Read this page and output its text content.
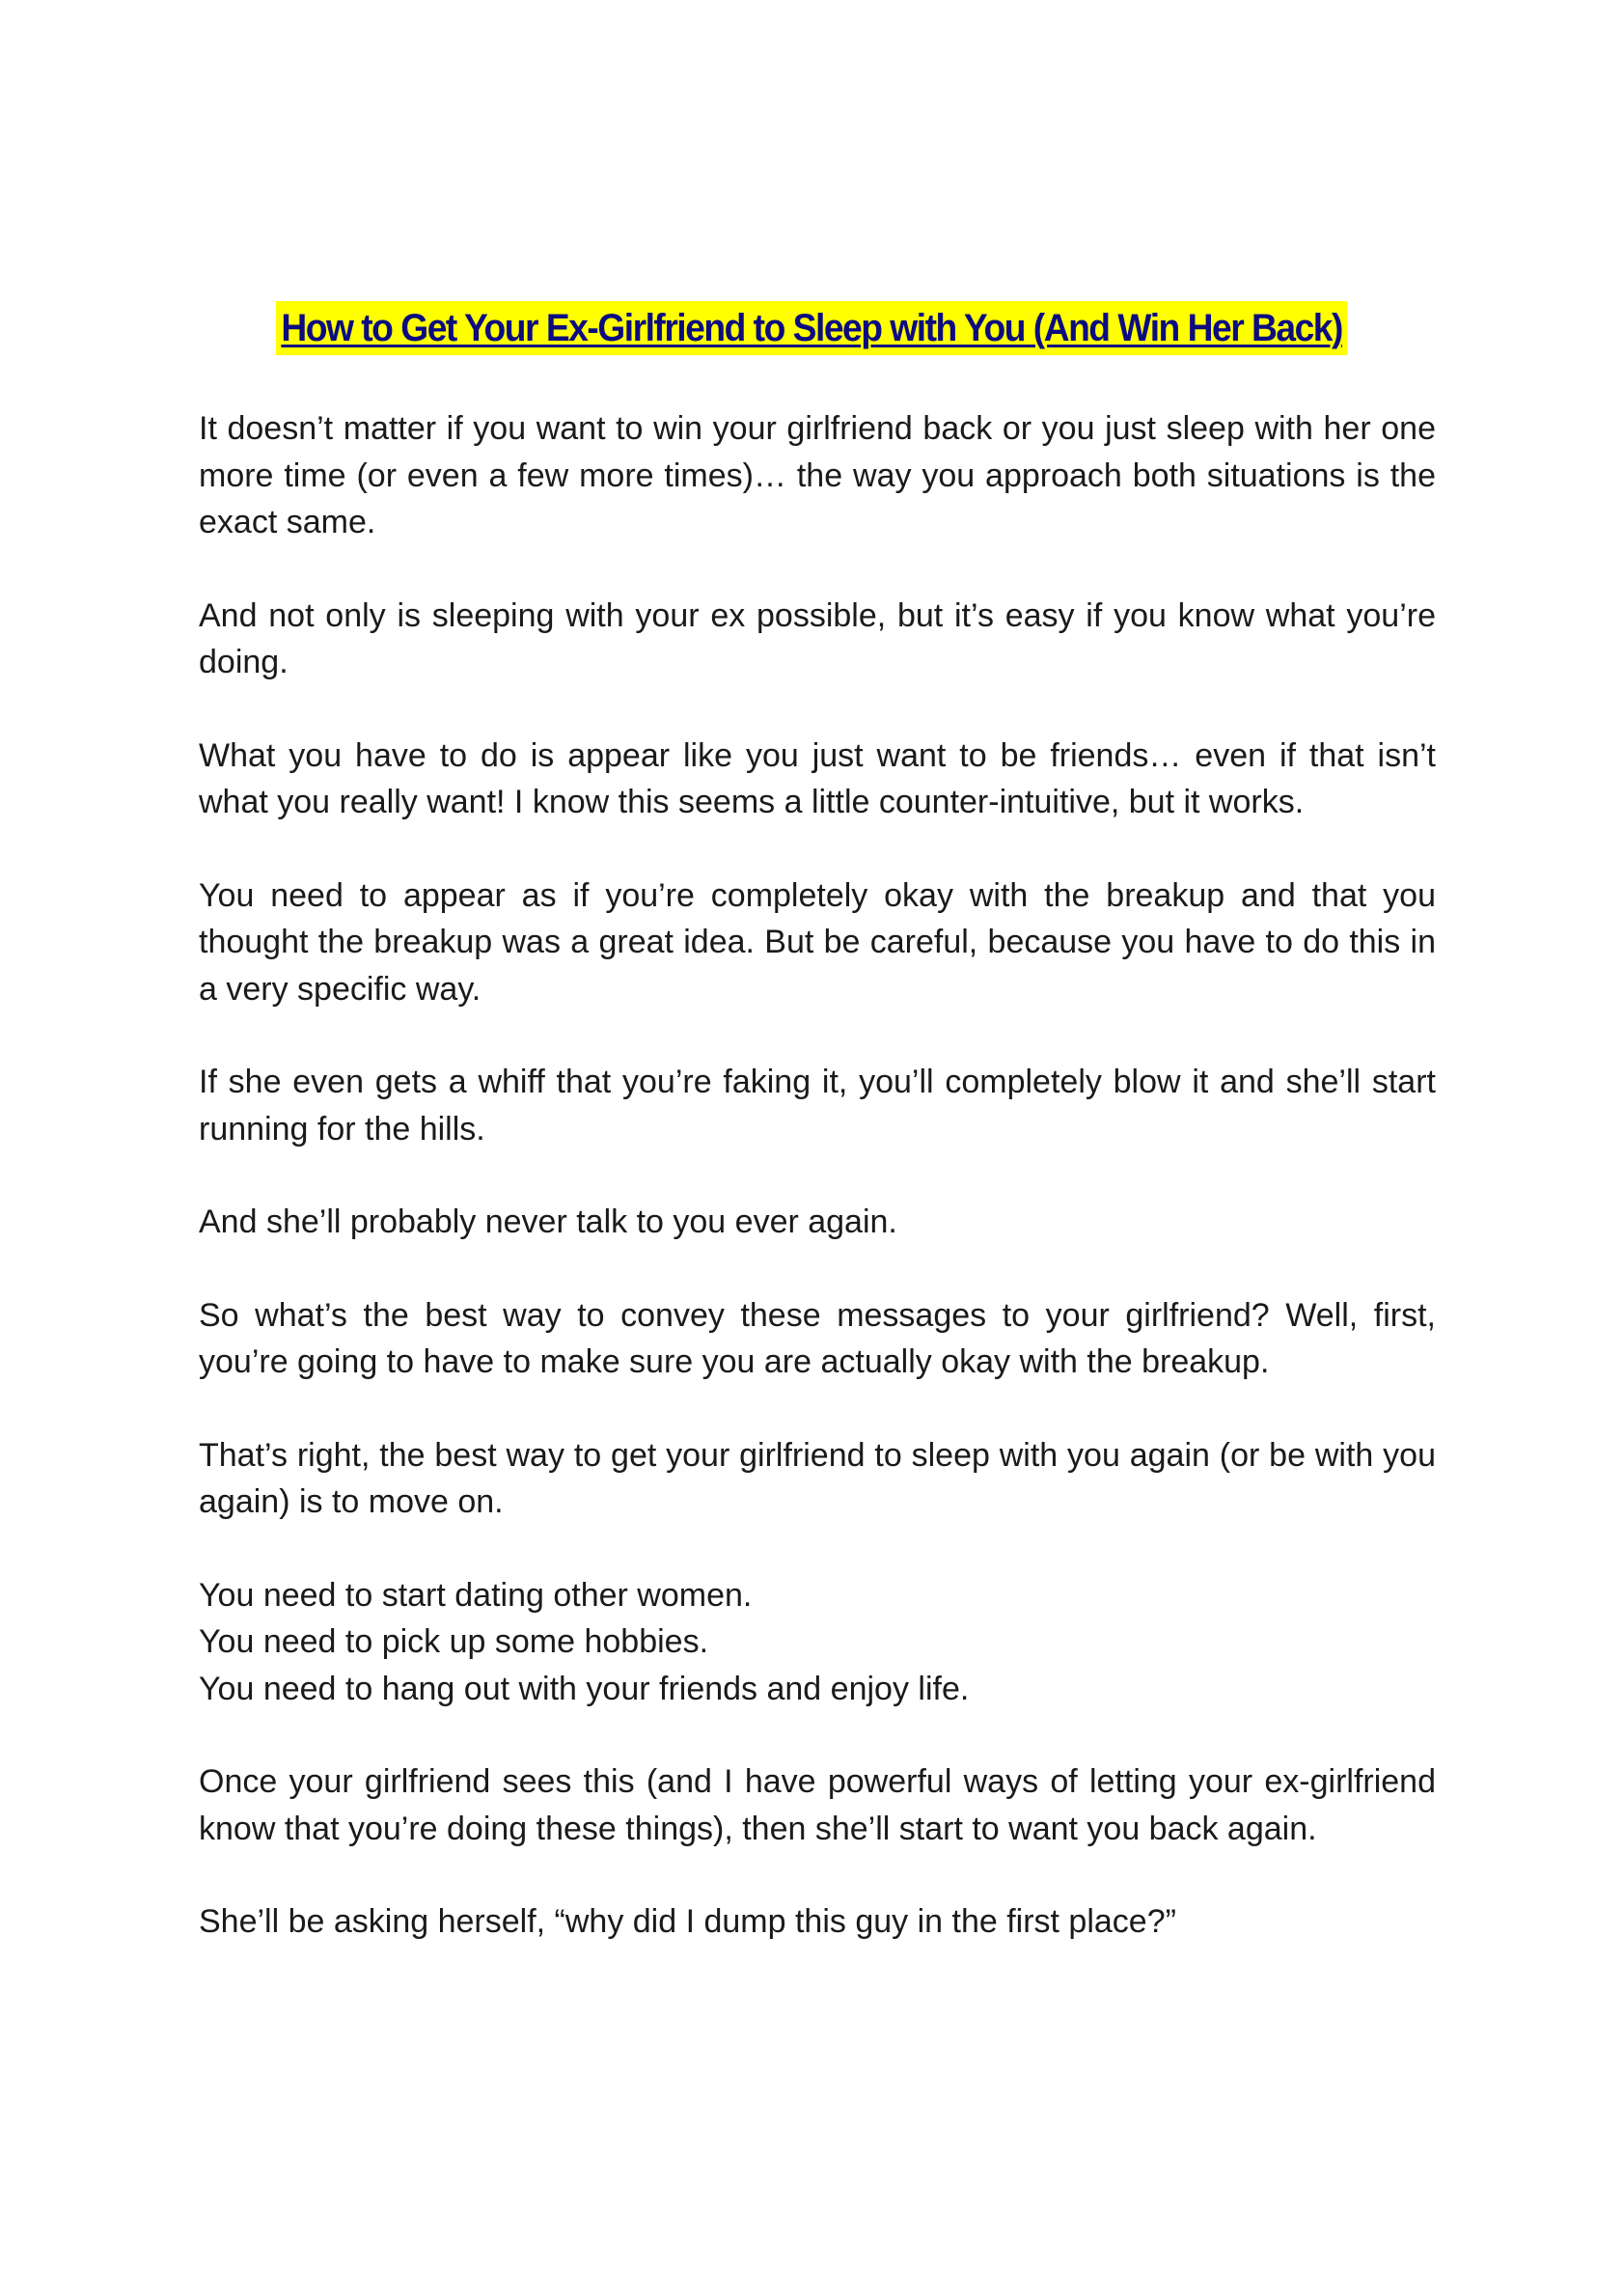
How to Get Your Ex-Girlfriend to Sleep with You (And Win Her Back)

It doesn’t matter if you want to win your girlfriend back or you just sleep with her one more time (or even a few more times)… the way you approach both situations is the exact same.

And not only is sleeping with your ex possible, but it’s easy if you know what you’re doing.

What you have to do is appear like you just want to be friends… even if that isn’t what you really want! I know this seems a little counter-intuitive, but it works.

You need to appear as if you’re completely okay with the breakup and that you thought the breakup was a great idea. But be careful, because you have to do this in a very specific way.

If she even gets a whiff that you’re faking it, you’ll completely blow it and she’ll start running for the hills.

And she’ll probably never talk to you ever again.

So what’s the best way to convey these messages to your girlfriend? Well, first, you’re going to have to make sure you are actually okay with the breakup.

That’s right, the best way to get your girlfriend to sleep with you again (or be with you again) is to move on.

You need to start dating other women.
You need to pick up some hobbies.
You need to hang out with your friends and enjoy life.

Once your girlfriend sees this (and I have powerful ways of letting your ex-girlfriend know that you’re doing these things), then she’ll start to want you back again.

She’ll be asking herself, “why did I dump this guy in the first place?”
